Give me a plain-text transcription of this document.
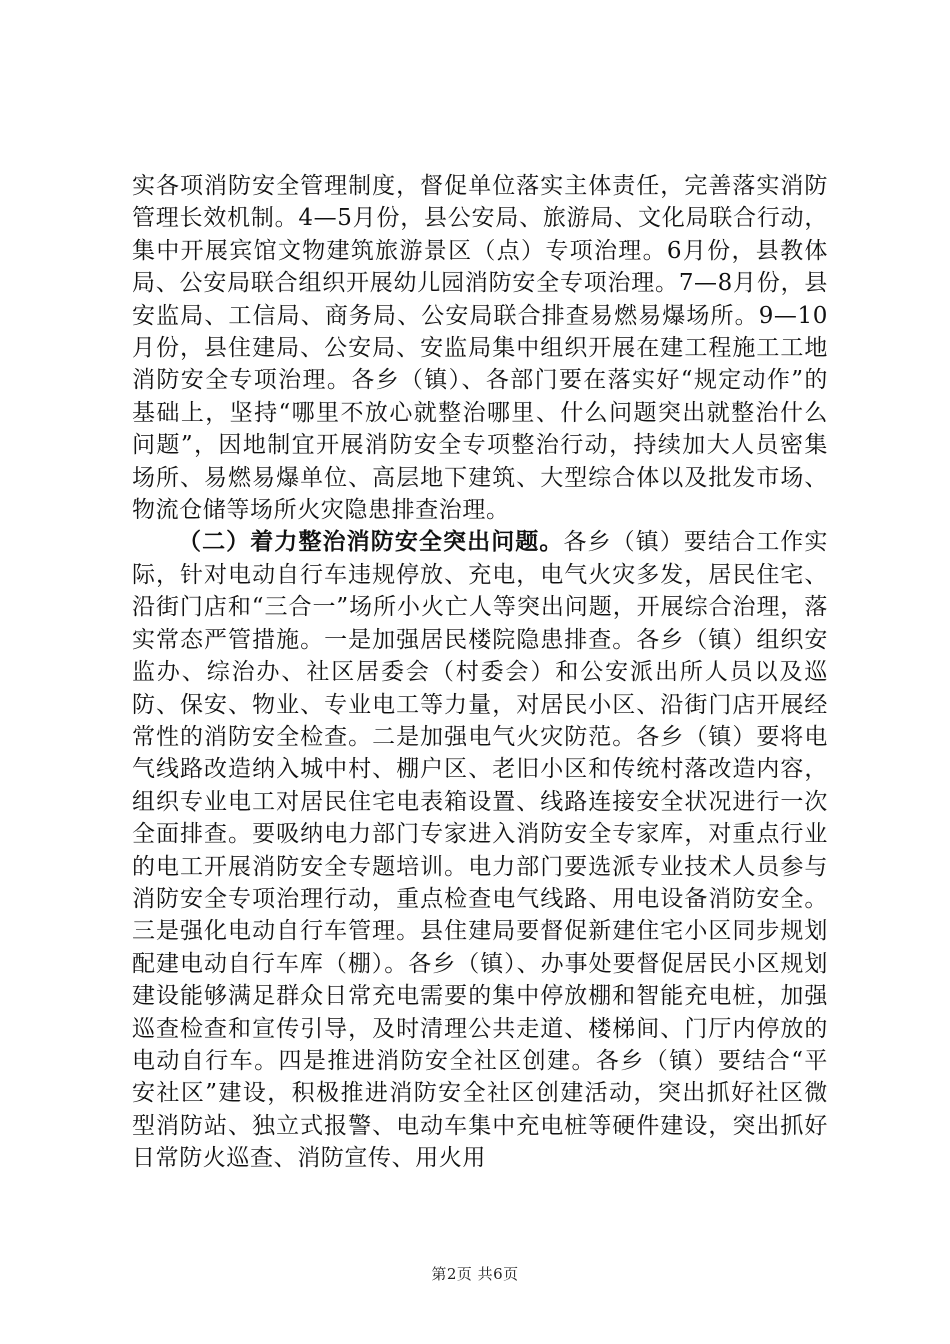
实各项消防安全管理制度，督促单位落实主体责任，完善落实消防管理长效机制。4—5月份，县公安局、旅游局、文化局联合行动，集中开展宾馆文物建筑旅游景区（点）专项治理。6月份，县教体局、公安局联合组织开展幼儿园消防安全专项治理。7—8月份，县安监局、工信局、商务局、公安局联合排查易燃易爆场所。9—10月份，县住建局、公安局、安监局集中组织开展在建工程施工工地消防安全专项治理。各乡（镇）、各部门要在落实好“规定动作”的基础上，坚持“哪里不放心就整治哪里、什么问题突出就整治什么问题”，因地制宜开展消防安全专项整治行动，持续加大人员密集场所、易燃易爆单位、高层地下建筑、大型综合体以及批发市场、物流仓储等场所火灾隐患排查治理。

（二）着力整治消防安全突出问题。各乡（镇）要结合工作实际，针对电动自行车违规停放、充电，电气火灾多发，居民住宅、沿街门店和“三合一”场所小火亡人等突出问题，开展综合治理，落实常态严管措施。一是加强居民楼院隐患排查。各乡（镇）组织安监办、综治办、社区居委会（村委会）和公安派出所人员以及巡防、保安、物业、专业电工等力量，对居民小区、沿街门店开展经常性的消防安全检查。二是加强电气火灾防范。各乡（镇）要将电气线路改造纳入城中村、棚户区、老旧小区和传统村落改造内容，组织专业电工对居民住宅电表箱设置、线路连接安全状况进行一次全面排查。要吸纳电力部门专家进入消防安全专家库，对重点行业的电工开展消防安全专题培训。电力部门要选派专业技术人员参与消防安全专项治理行动，重点检查电气线路、用电设备消防安全。三是强化电动自行车管理。县住建局要督促新建住宅小区同步规划配建电动自行车库（棚）。各乡（镇）、办事处要督促居民小区规划建设能够满足群众日常充电需要的集中停放棚和智能充电桩，加强巡查检查和宣传引导，及时清理公共走道、楼梯间、门厅内停放的电动自行车。四是推进消防安全社区创建。各乡（镇）要结合“平安社区”建设，积极推进消防安全社区创建活动，突出抓好社区微型消防站、独立式报警、电动车集中充电桩等硬件建设，突出抓好日常防火巡查、消防宣传、用火用

第2页 共6页
